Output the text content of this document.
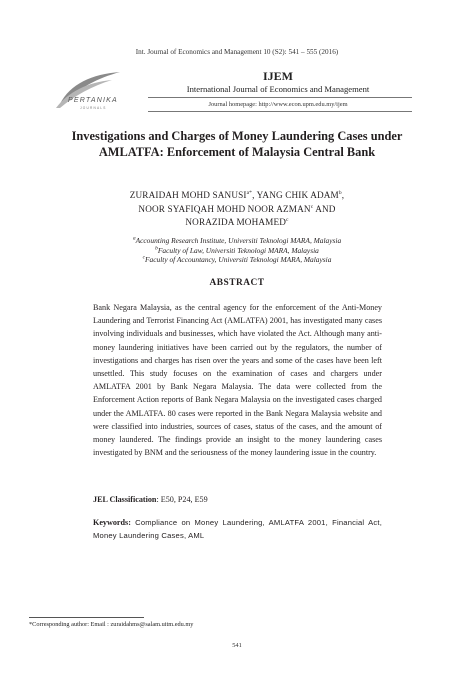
Int. Journal of Economics and Management 10 (S2): 541 – 555 (2016)
PERTANIKA
JOURNALS
IJEM
International Journal of Economics and Management
Journal homepage: http://www.econ.upm.edu.my/ijem
Investigations and Charges of Money Laundering Cases under
AMLATFA: Enforcement of Malaysia Central Bank
ZURAIDAH MOHD $SANUSI^{a*}$, YANG CHIK ADAM$^b$,
NOOR SYAFIQAH MOHD NOOR AZMAN$^c$ AND
NORAZIDA MOHAMED$^c$
$^a$Accounting Research Institute, Universiti Teknologi MARA, Malaysia
$^b$Faculty of Law, Universiti Teknologi MARA, Malaysia
$^c$Faculty of Accountancy, Universiti Teknologi MARA, Malaysia
ABSTRACT

Bank Negara Malaysia, as the central agency for the enforcement of the Anti-Money Laundering and Terrorist Financing Act (AMLATFA) 2001, has investigated many cases involving individuals and businesses, which have violated the Act. Although many anti-money laundering initiatives have been carried out by the regulators, the number of investigations and charges has risen over the years and some of the cases have been left unsettled. This study focuses on the examination of cases and chargers under AMLATFA 2001 by Bank Negara Malaysia. The data were collected from the Enforcement Action reports of Bank Negara Malaysia on the investigated cases charged under the AMLATFA. 80 cases were reported in the Bank Negara Malaysia website and were classified into industries, sources of cases, status of the cases, and the amount of money laundered. The findings provide an insight to the money laundering cases investigated by BNM and the seriousness of the money laundering issue in the country.

JEL Classification: E50, P24, E59

Keywords: Compliance on Money Laundering, AMLATFA 2001, Financial Act, Money Laundering Cases, AML

*Corresponding author: Email : zuraidahms@salam.uitm.edu.my
541
